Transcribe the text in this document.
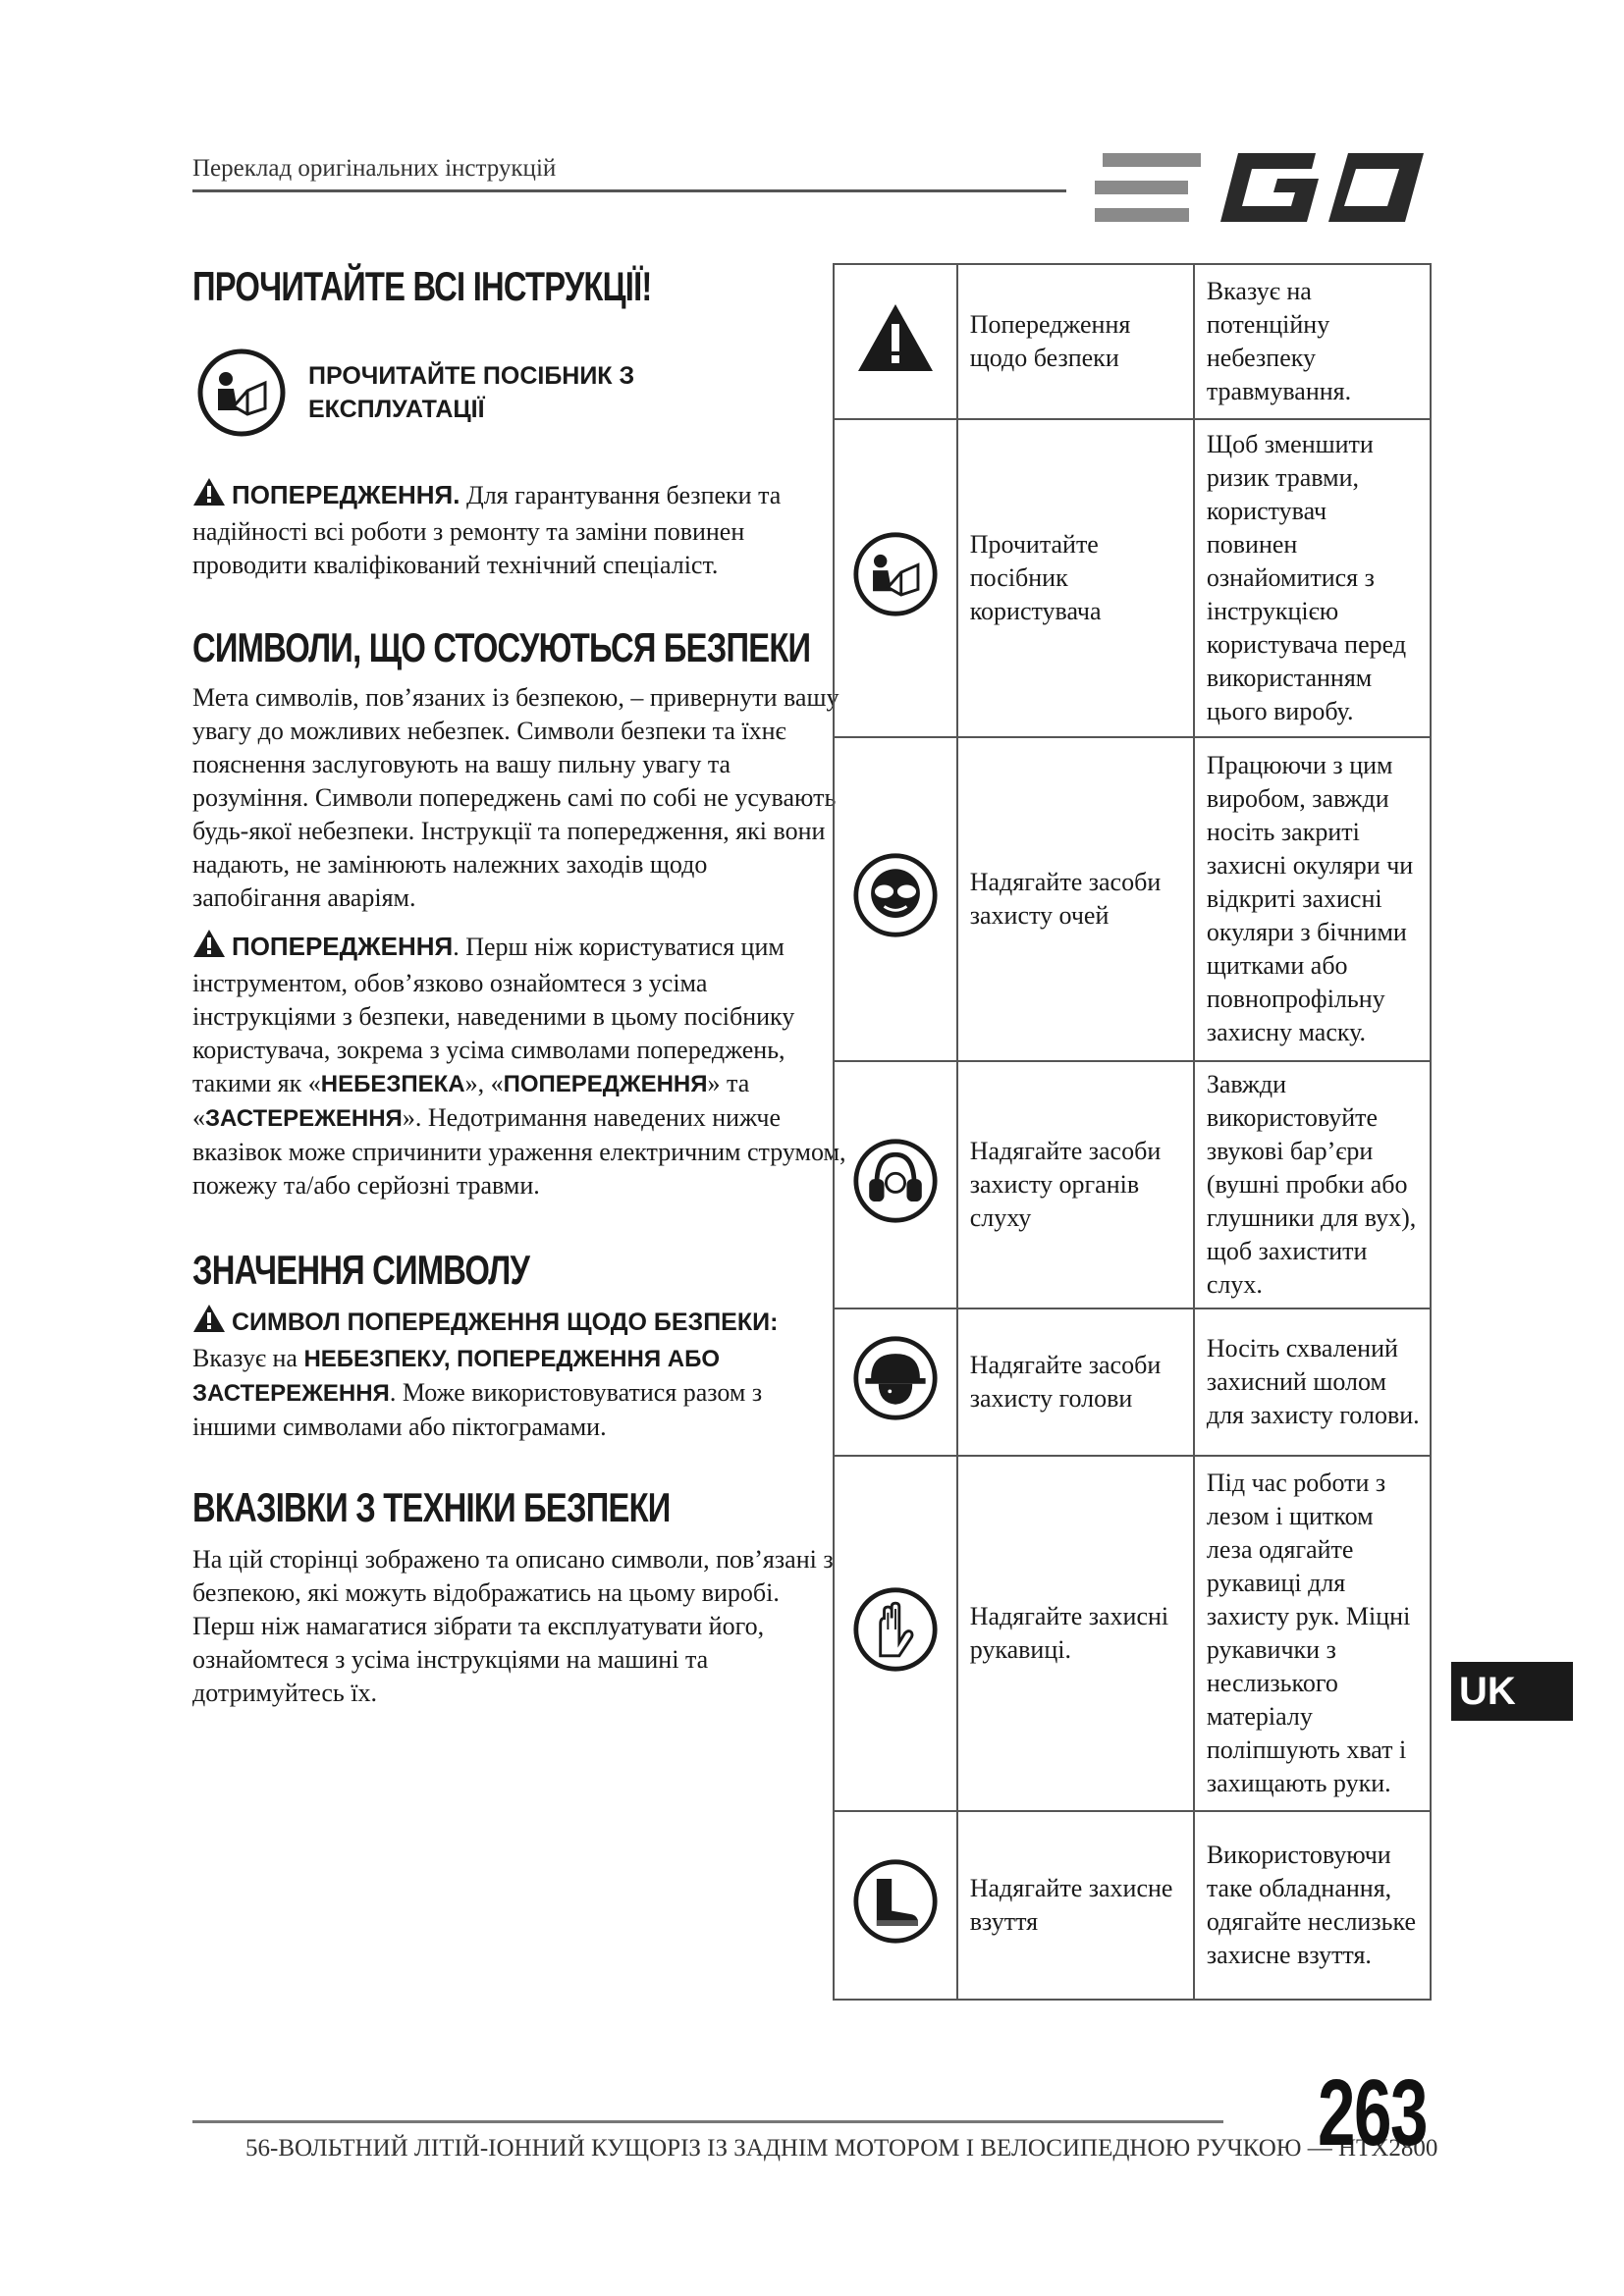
Переклад оригінальних інструкцій
ПРОЧИТАЙТЕ ВСІ ІНСТРУКЦІЇ!
ПРОЧИТАЙТЕ ПОСІБНИК З ЕКСПЛУАТАЦІЇ
ПОПЕРЕДЖЕННЯ. Для гарантування безпеки та надійності всі роботи з ремонту та заміни повинен проводити кваліфікований технічний спеціаліст.
СИМВОЛИ, ЩО СТОСУЮТЬСЯ БЕЗПЕКИ
Мета символів, пов’язаних із безпекою, – привернути вашу увагу до можливих небезпек. Символи безпеки та їхнє пояснення заслуговують на вашу пильну увагу та розуміння. Символи попереджень самі по собі не усувають будь-якої небезпеки. Інструкції та попередження, які вони надають, не замінюють належних заходів щодо запобігання аваріям.
ПОПЕРЕДЖЕННЯ. Перш ніж користуватися цим інструментом, обов’язково ознайомтеся з усіма інструкціями з безпеки, наведеними в цьому посібнику користувача, зокрема з усіма символами попереджень, такими як «НЕБЕЗПЕКА», «ПОПЕРЕДЖЕННЯ» та «ЗАСТЕРЕЖЕННЯ». Недотримання наведених нижче вказівок може спричинити ураження електричним струмом, пожежу та/або серйозні травми.
ЗНАЧЕННЯ СИМВОЛУ
СИМВОЛ ПОПЕРЕДЖЕННЯ ЩОДО БЕЗПЕКИ:
Вказує на НЕБЕЗПЕКУ, ПОПЕРЕДЖЕННЯ АБО ЗАСТЕРЕЖЕННЯ. Може використовуватися разом з іншими символами або піктограмами.
ВКАЗІВКИ З ТЕХНІКИ БЕЗПЕКИ
На цій сторінці зображено та описано символи, пов’язані з безпекою, які можуть відображатись на цьому виробі. Перш ніж намагатися зібрати та експлуатувати його, ознайомтеся з усіма інструкціями на машині та дотримуйтесь їх.
	Попередження щодо безпеки	Вказує на потенційну небезпеку травмування.
	Прочитайте посібник користувача	Щоб зменшити ризик травми, користувач повинен ознайомитися з інструкцією користувача перед використанням цього виробу.
	Надягайте засоби захисту очей	Працюючи з цим виробом, завжди носіть закриті захисні окуляри чи відкриті захисні окуляри з бічними щитками або повнопрофільну захисну маску.
	Надягайте засоби захисту органів слуху	Завжди використовуйте звукові бар’єри (вушні пробки або глушники для вух), щоб захистити слух.
	Надягайте засоби захисту голови	Носіть схвалений захисний шолом для захисту голови.
	Надягайте захисні рукавиці.	Під час роботи з лезом і щитком леза одягайте рукавиці для захисту рук. Міцні рукавички з неслизького матеріалу поліпшують хват і захищають руки.
	Надягайте захисне взуття	Використовуючи таке обладнання, одягайте неслизьке захисне взуття.
UK
56-ВОЛЬТНИЙ ЛІТІЙ-ІОННИЙ КУЩОРІЗ ІЗ ЗАДНІМ МОТОРОМ І ВЕЛОСИПЕДНОЮ РУЧКОЮ — HTX2800
263
